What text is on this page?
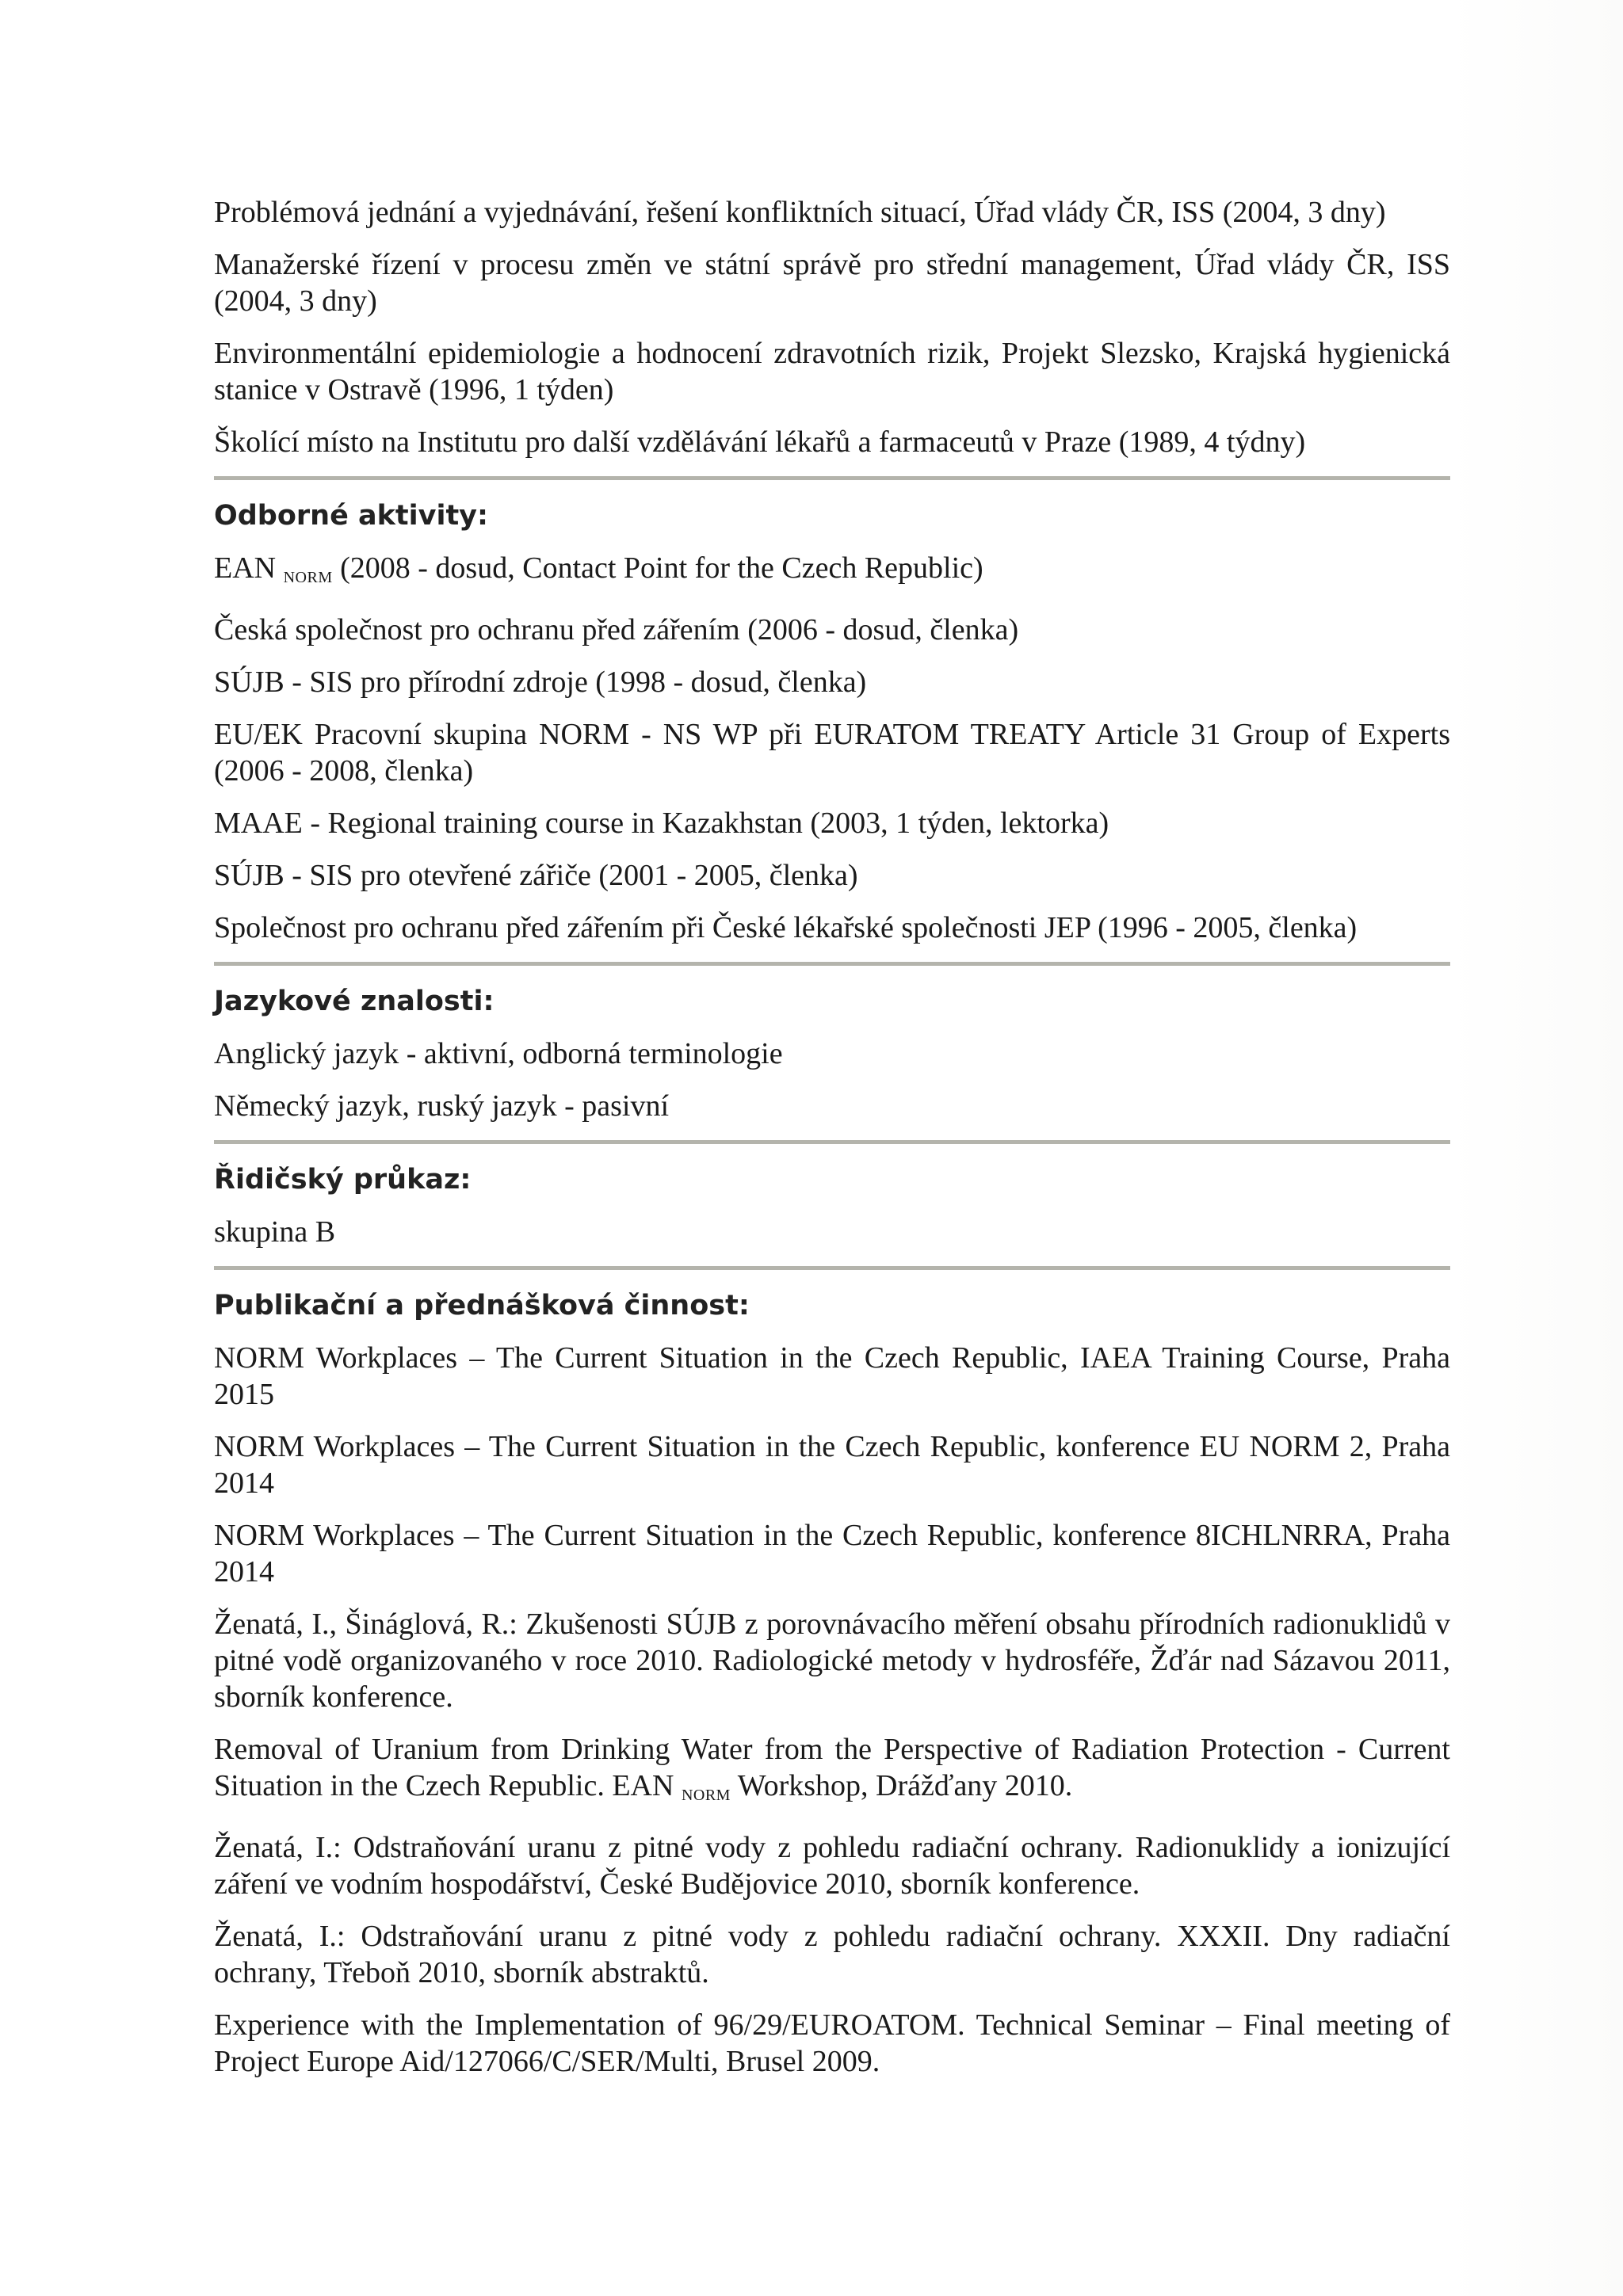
Problémová jednání a vyjednávání, řešení konfliktních situací, Úřad vlády ČR, ISS (2004, 3 dny)

Manažerské řízení v procesu změn ve státní správě pro střední management, Úřad vlády ČR, ISS (2004, 3 dny)

Environmentální epidemiologie a hodnocení zdravotních rizik, Projekt Slezsko, Krajská hygienická stanice v Ostravě (1996, 1 týden)

Školící místo na Institutu pro další vzdělávání lékařů a farmaceutů v Praze (1989, 4 týdny)

Odborné aktivity:

EAN $_{NORM}$ (2008 - dosud, Contact Point for the Czech Republic)

Česká společnost pro ochranu před zářením (2006 - dosud, členka)

SÚJB - SIS pro přírodní zdroje (1998 - dosud, členka)

EU/EK Pracovní skupina NORM - NS WP při EURATOM TREATY Article 31 Group of Experts (2006 - 2008, členka)

MAAE - Regional training course in Kazakhstan (2003, 1 týden, lektorka)

SÚJB - SIS pro otevřené zářiče (2001 - 2005, členka)

Společnost pro ochranu před zářením při České lékařské společnosti JEP (1996 - 2005, členka)

Jazykové znalosti:

Anglický jazyk - aktivní, odborná terminologie

Německý jazyk, ruský jazyk - pasivní

Řidičský průkaz:

skupina B

Publikační a přednášková činnost:

NORM Workplaces – The Current Situation in the Czech Republic, IAEA Training Course, Praha 2015

NORM Workplaces – The Current Situation in the Czech Republic, konference EU NORM 2, Praha 2014

NORM Workplaces – The Current Situation in the Czech Republic, konference 8ICHLNRRA, Praha 2014

Ženatá, I., Šináglová, R.: Zkušenosti SÚJB z porovnávacího měření obsahu přírodních radionuklidů v pitné vodě organizovaného v roce 2010. Radiologické metody v hydrosféře, Žďár nad Sázavou 2011, sborník konference.

Removal of Uranium from Drinking Water from the Perspective of Radiation Protection - Current Situation in the Czech Republic. EAN $_{NORM}$ Workshop, Drážďany 2010.

Ženatá, I.: Odstraňování uranu z pitné vody z pohledu radiační ochrany. Radionuklidy a ionizující záření ve vodním hospodářství, České Budějovice 2010, sborník konference.

Ženatá, I.: Odstraňování uranu z pitné vody z pohledu radiační ochrany. XXXII. Dny radiační ochrany, Třeboň 2010, sborník abstraktů.

Experience with the Implementation of 96/29/EUROATOM. Technical Seminar – Final meeting of Project Europe Aid/127066/C/SER/Multi, Brusel 2009.
